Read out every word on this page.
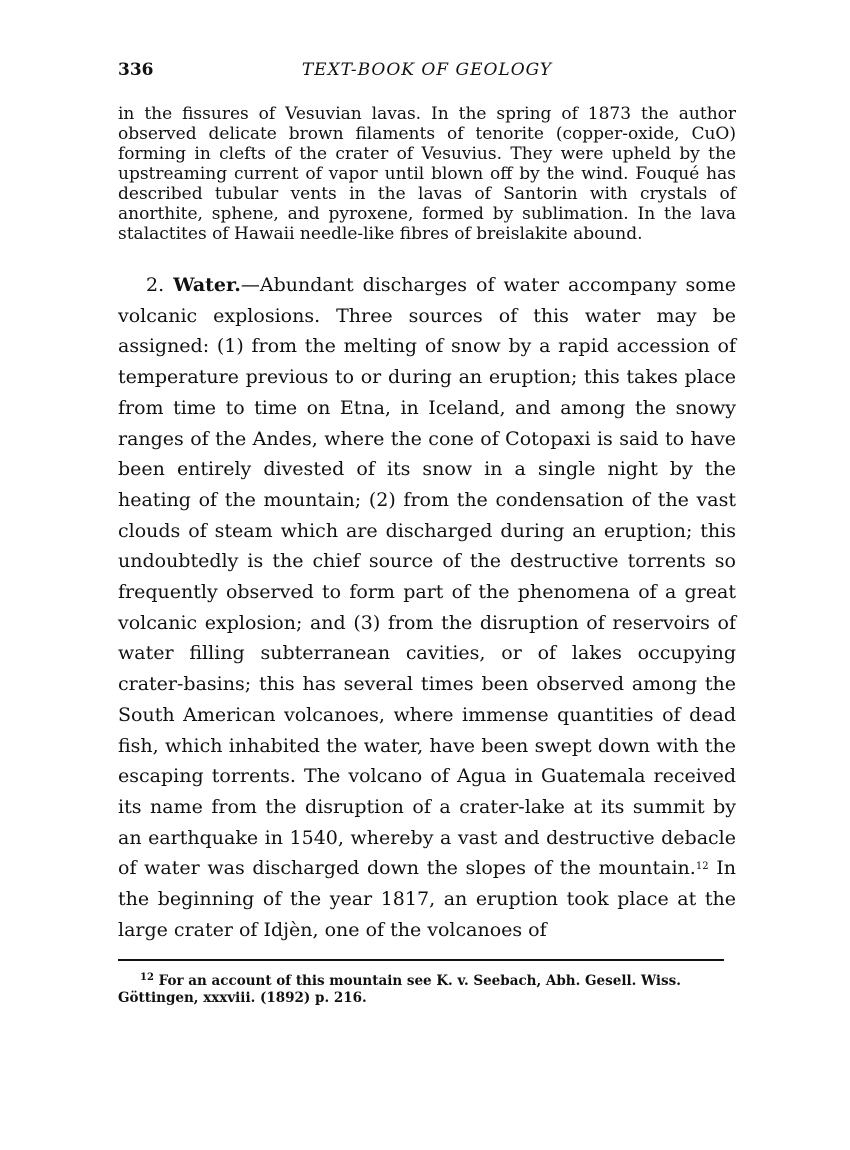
336	TEXT-BOOK OF GEOLOGY

in the fissures of Vesuvian lavas. In the spring of 1873 the author observed delicate brown filaments of tenorite (copper-oxide, CuO) forming in clefts of the crater of Vesuvius. They were upheld by the upstreaming current of vapor until blown off by the wind. Fouqué has described tubular vents in the lavas of Santorin with crystals of anorthite, sphene, and pyroxene, formed by sublimation. In the lava stalactites of Hawaii needle-like fibres of breislakite abound.

2. Water.—Abundant discharges of water accompany some volcanic explosions. Three sources of this water may be assigned: (1) from the melting of snow by a rapid accession of temperature previous to or during an eruption; this takes place from time to time on Etna, in Iceland, and among the snowy ranges of the Andes, where the cone of Cotopaxi is said to have been entirely divested of its snow in a single night by the heating of the mountain; (2) from the condensation of the vast clouds of steam which are discharged during an eruption; this undoubtedly is the chief source of the destructive torrents so frequently observed to form part of the phenomena of a great volcanic explosion; and (3) from the disruption of reservoirs of water filling subterranean cavities, or of lakes occupying crater-basins; this has several times been observed among the South American volcanoes, where immense quantities of dead fish, which inhabited the water, have been swept down with the escaping torrents. The volcano of Agua in Guatemala received its name from the disruption of a crater-lake at its summit by an earthquake in 1540, whereby a vast and destructive debacle of water was discharged down the slopes of the mountain.$^{12}$ In the beginning of the year 1817, an eruption took place at the large crater of Idjèn, one of the volcanoes of

$^{12}$ For an account of this mountain see K. v. Seebach, Abh. Gesell. Wiss. Göttingen, xxxviii. (1892) p. 216.
